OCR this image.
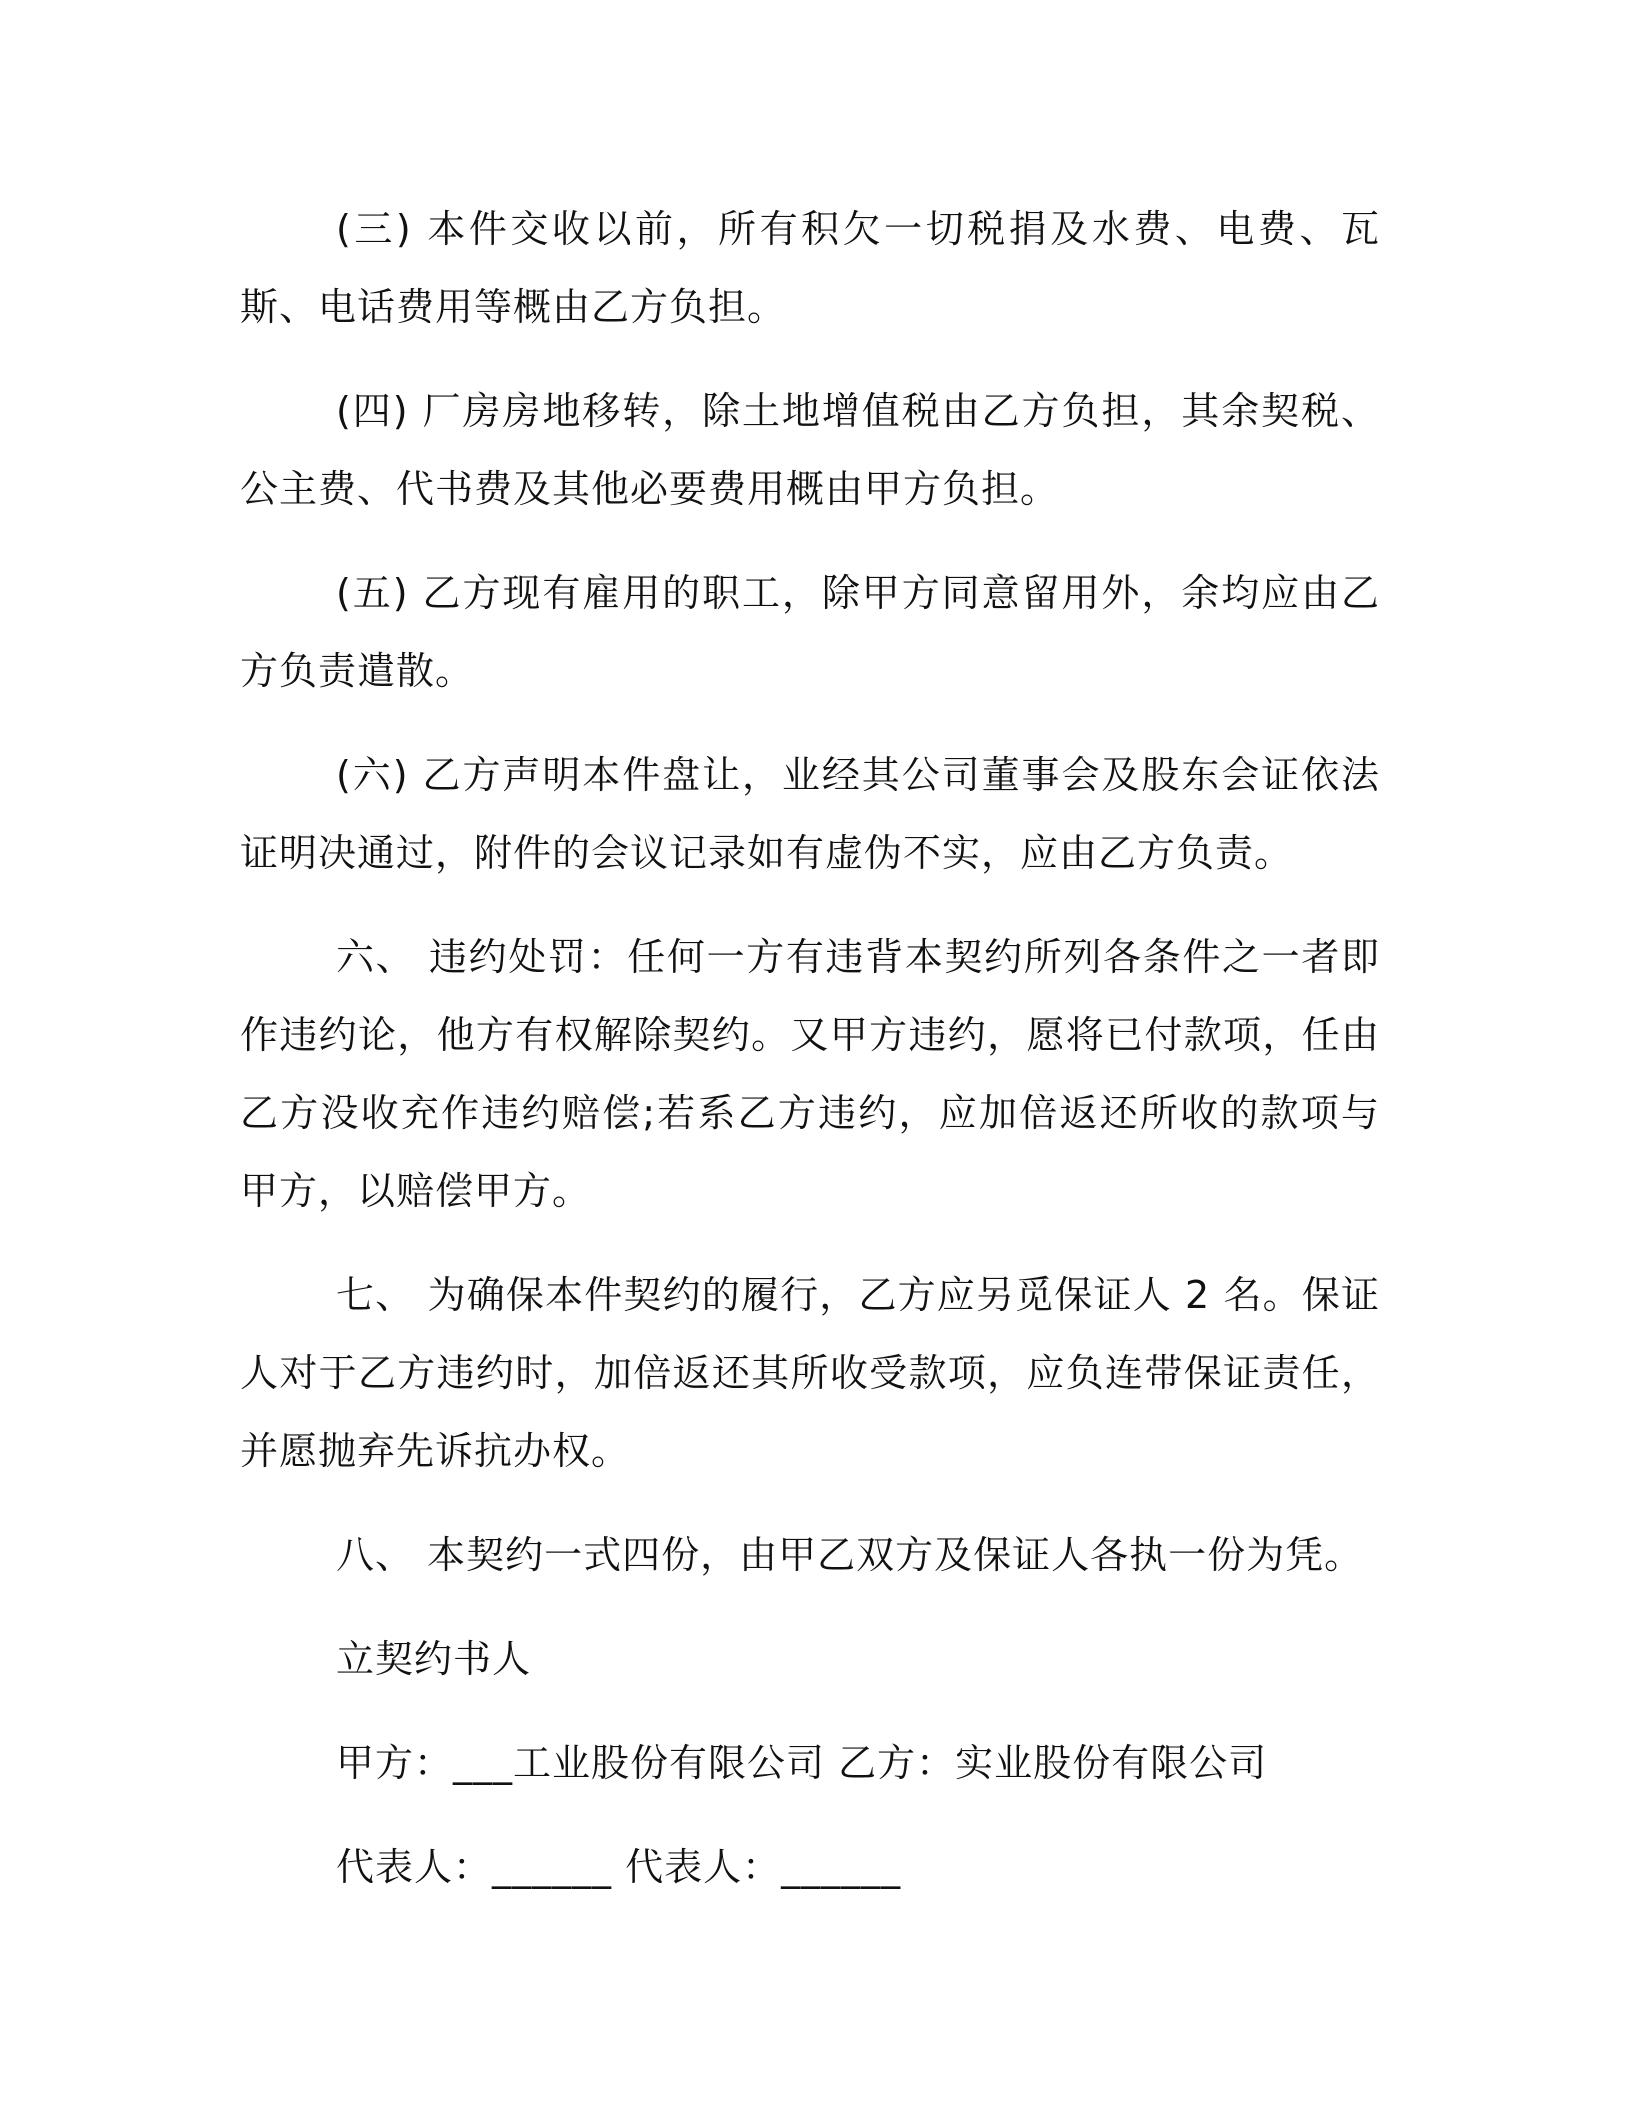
(三) 本件交收以前，所有积欠一切税捐及水费、电费、瓦斯、电话费用等概由乙方负担。

(四) 厂房房地移转，除土地增值税由乙方负担，其余契税、公主费、代书费及其他必要费用概由甲方负担。

(五) 乙方现有雇用的职工，除甲方同意留用外，余均应由乙方负责遣散。

(六) 乙方声明本件盘让，业经其公司董事会及股东会证依法证明决通过，附件的会议记录如有虚伪不实，应由乙方负责。

六、 违约处罚：任何一方有违背本契约所列各条件之一者即作违约论，他方有权解除契约。又甲方违约，愿将已付款项，任由乙方没收充作违约赔偿;若系乙方违约，应加倍返还所收的款项与甲方，以赔偿甲方。

七、 为确保本件契约的履行，乙方应另觅保证人 2 名。保证人对于乙方违约时，加倍返还其所收受款项，应负连带保证责任，并愿抛弃先诉抗办权。

八、 本契约一式四份，由甲乙双方及保证人各执一份为凭。

立契约书人

甲方：___工业股份有限公司 乙方：实业股份有限公司

代表人：______ 代表人：______
